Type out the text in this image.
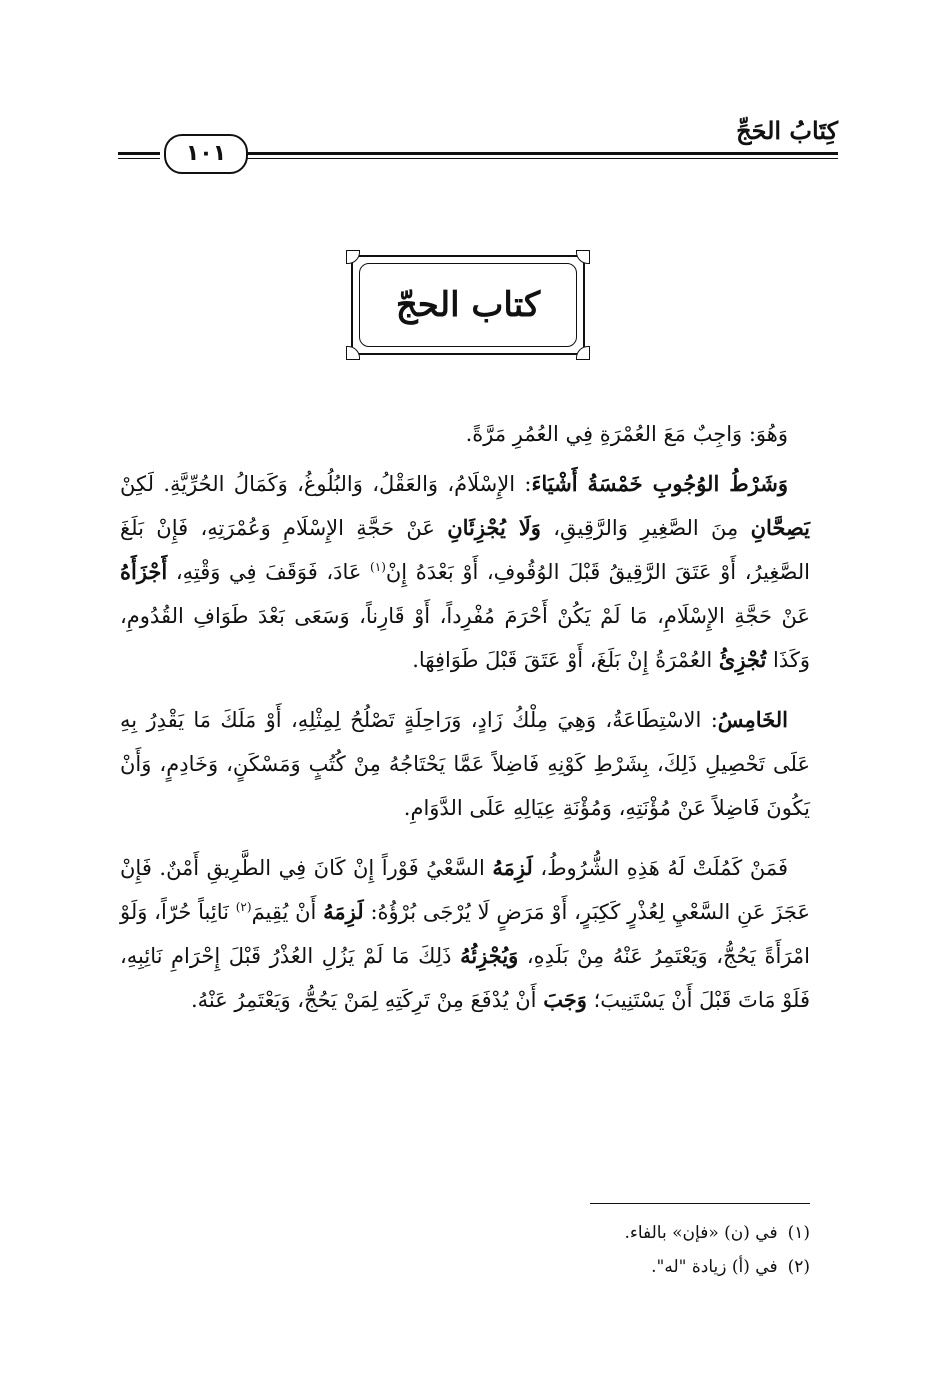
كِتَابُ الحَجِّ
١٠١
كتاب الحجّ

وَهُوَ: وَاجِبٌ مَعَ العُمْرَةِ فِي العُمُرِ مَرَّةً.

وَشَرْطُ الوُجُوبِ خَمْسَةُ أَشْيَاءَ: الإِسْلَامُ، وَالعَقْلُ، وَالبُلُوغُ، وَكَمَالُ الحُرِّيَّةِ. لَكِنْ يَصِحَّانِ مِنَ الصَّغِيرِ وَالرَّقِيقِ، وَلَا يُجْزِئَانِ عَنْ حَجَّةِ الإِسْلَامِ وَعُمْرَتِهِ، فَإِنْ بَلَغَ الصَّغِيرُ، أَوْ عَتَقَ الرَّقِيقُ قَبْلَ الوُقُوفِ، أَوْ بَعْدَهُ إِنْ$^{(١)}$ عَادَ، فَوَقَفَ فِي وَقْتِهِ، أَجْزَأَهُ عَنْ حَجَّةِ الإِسْلَامِ، مَا لَمْ يَكُنْ أَحْرَمَ مُفْرِداً، أَوْ قَارِناً، وَسَعَى بَعْدَ طَوَافِ القُدُومِ، وَكَذَا تُجْزِئُ العُمْرَةُ إِنْ بَلَغَ، أَوْ عَتَقَ قَبْلَ طَوَافِهَا.

الخَامِسُ: الاسْتِطَاعَةُ، وَهِيَ مِلْكُ زَادٍ، وَرَاحِلَةٍ تَصْلُحُ لِمِثْلِهِ، أَوْ مَلَكَ مَا يَقْدِرُ بِهِ عَلَى تَحْصِيلِ ذَلِكَ، بِشَرْطِ كَوْنِهِ فَاضِلاً عَمَّا يَحْتَاجُهُ مِنْ كُتُبٍ وَمَسْكَنٍ، وَخَادِمٍ، وَأَنْ يَكُونَ فَاضِلاً عَنْ مُؤْنَتِهِ، وَمُؤْنَةِ عِيَالِهِ عَلَى الدَّوَامِ.

فَمَنْ كَمُلَتْ لَهُ هَذِهِ الشُّرُوطُ، لَزِمَهُ السَّعْيُ فَوْراً إِنْ كَانَ فِي الطَّرِيقِ أَمْنٌ. فَإِنْ عَجَزَ عَنِ السَّعْيِ لِعُذْرٍ كَكِبَرٍ، أَوْ مَرَضٍ لَا يُرْجَى بُرْؤُهُ: لَزِمَهُ أَنْ يُقِيمَ$^{(٢)}$ نَائِباً حُرّاً، وَلَوْ امْرَأَةً يَحُجُّ، وَيَعْتَمِرُ عَنْهُ مِنْ بَلَدِهِ، وَيُجْزِئُهُ ذَلِكَ مَا لَمْ يَزُلِ العُذْرُ قَبْلَ إِحْرَامِ نَائِبِهِ، فَلَوْ مَاتَ قَبْلَ أَنْ يَسْتَنِيبَ؛ وَجَبَ أَنْ يُدْفَعَ مِنْ تَرِكَتِهِ لِمَنْ يَحُجُّ، وَيَعْتَمِرُ عَنْهُ.

(١)في (ن) «فإن» بالفاء.
(٢)في (أ) زيادة "له".
